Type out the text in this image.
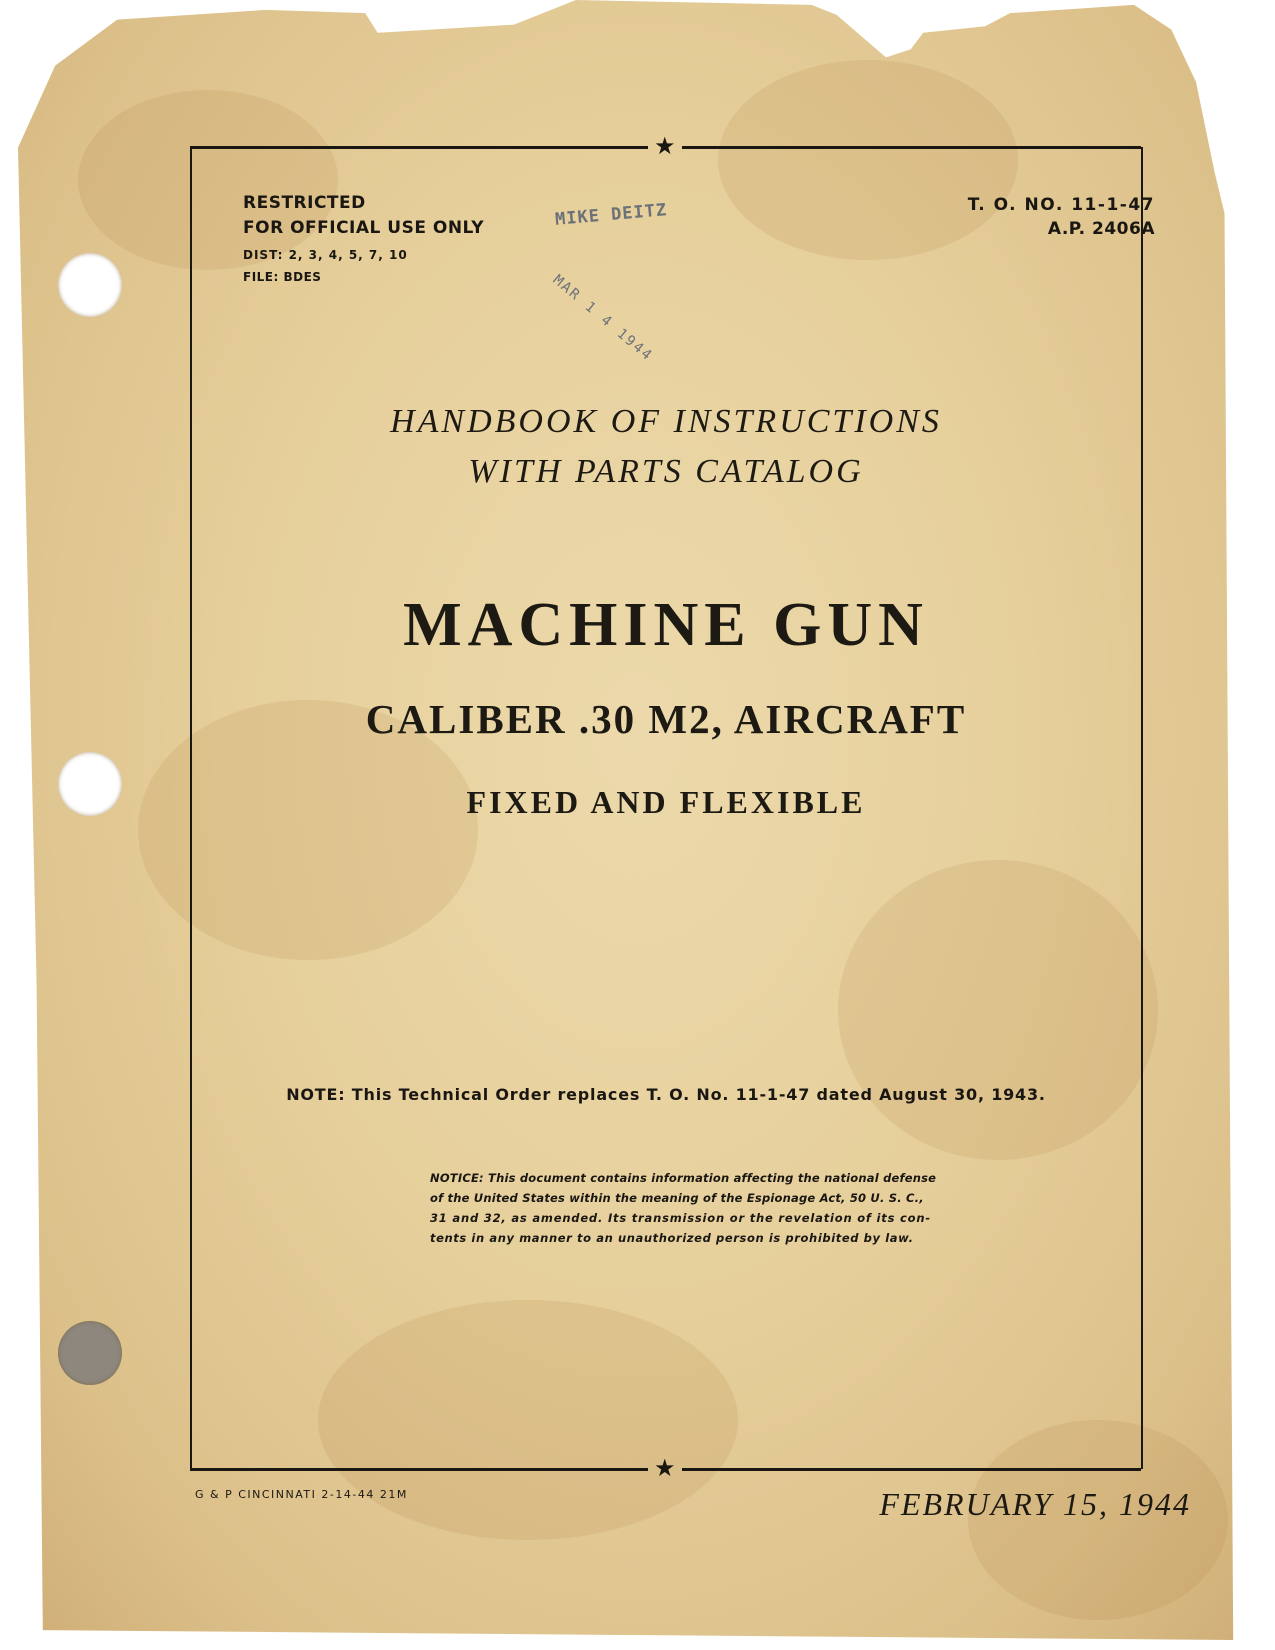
★
★
RESTRICTED
FOR OFFICIAL USE ONLY
DIST: 2, 3, 4, 5, 7, 10
FILE: BDES
T. O. NO. 11-1-47
A.P. 2406A
MIKE DEITZ
MAR 1 4 1944
HANDBOOK OF INSTRUCTIONS
WITH PARTS CATALOG
MACHINE GUN
CALIBER .30 M2, AIRCRAFT
FIXED AND FLEXIBLE
NOTE: This Technical Order replaces T. O. No. 11-1-47 dated August 30, 1943.
NOTICE: This document contains information affecting the national defense
of the United States within the meaning of the Espionage Act, 50 U. S. C.,
31 and 32, as amended. Its transmission or the revelation of its con-
tents in any manner to an unauthorized person is prohibited by law.
G & P CINCINNATI 2-14-44 21M	FEBRUARY 15, 1944
